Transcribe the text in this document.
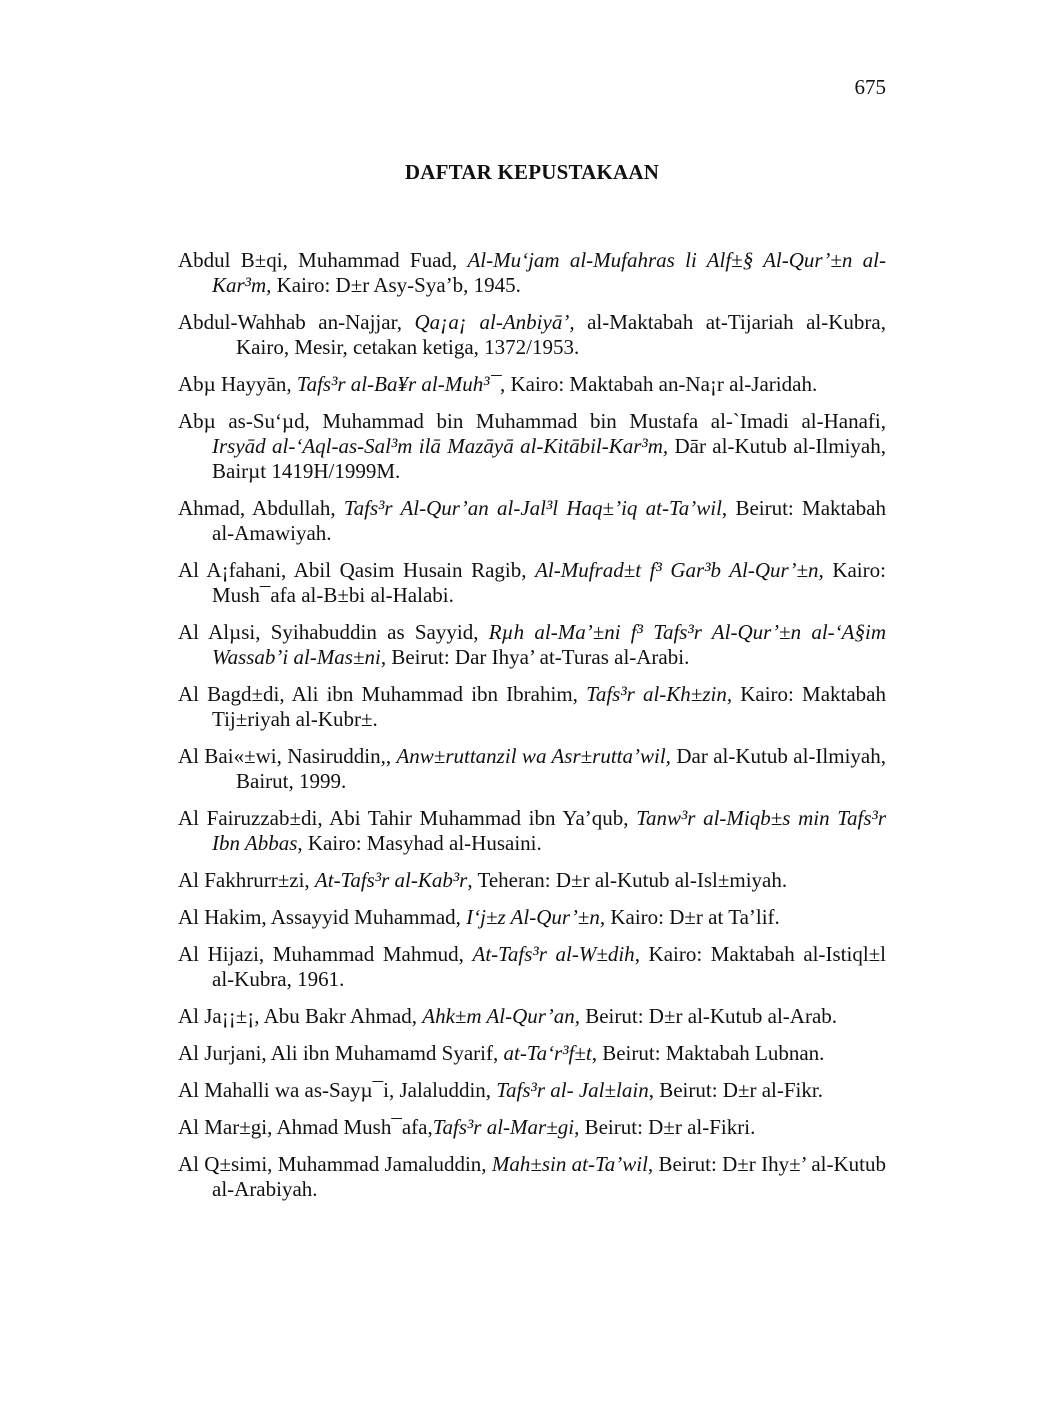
675
DAFTAR KEPUSTAKAAN
Abdul B±qi, Muhammad Fuad, Al-Mu‘jam al-Mufahras li Alf±§ Al-Qur’±n al-Kar³m, Kairo: D±r Asy-Sya’b, 1945.
Abdul-Wahhab an-Najjar, Qa¡a¡ al-Anbiyā’, al-Maktabah at-Tijariah al-Kubra, Kairo, Mesir, cetakan ketiga, 1372/1953.
Abµ Hayyān, Tafs³r al-Ba¥r al-Muh³¯, Kairo: Maktabah an-Na¡r al-Jaridah.
Abµ as-Su‘µd, Muhammad bin Muhammad bin Mustafa al-`Imadi al-Hanafi, Irsyād al-‘Aql-as-Sal³m ilā Mazāyā al-Kitābil-Kar³m, Dār al-Kutub al-Ilmiyah, Bairµt 1419H/1999M.
Ahmad, Abdullah, Tafs³r Al-Qur’an al-Jal³l Haq±’iq at-Ta’wil, Beirut: Maktabah al-Amawiyah.
Al A¡fahani, Abil Qasim Husain Ragib, Al-Mufrad±t f³ Gar³b Al-Qur’±n, Kairo: Mush¯afa al-B±bi al-Halabi.
Al Alµsi, Syihabuddin as Sayyid, Rµh al-Ma’±ni f³ Tafs³r Al-Qur’±n al-‘A§im Wassab’i al-Mas±ni, Beirut: Dar Ihya’ at-Turas al-Arabi.
Al Bagd±di, Ali ibn Muhammad ibn Ibrahim, Tafs³r al-Kh±zin, Kairo: Maktabah Tij±riyah al-Kubr±.
Al Bai«±wi, Nasiruddin,, Anw±ruttanzil wa Asr±rutta’wil, Dar al-Kutub al-Ilmiyah, Bairut, 1999.
Al Fairuzzab±di, Abi Tahir Muhammad ibn Ya’qub, Tanw³r al-Miqb±s min Tafs³r Ibn Abbas, Kairo: Masyhad al-Husaini.
Al Fakhrurr±zi, At-Tafs³r al-Kab³r, Teheran: D±r al-Kutub al-Isl±miyah.
Al Hakim, Assayyid Muhammad, I‘j±z Al-Qur’±n, Kairo: D±r at Ta’lif.
Al Hijazi, Muhammad Mahmud, At-Tafs³r al-W±dih, Kairo: Maktabah al-Istiql±l al-Kubra, 1961.
Al Ja¡¡±¡, Abu Bakr Ahmad, Ahk±m Al-Qur’an, Beirut: D±r al-Kutub al-Arab.
Al Jurjani, Ali ibn Muhamamd Syarif, at-Ta‘r³f±t, Beirut: Maktabah Lubnan.
Al Mahalli wa as-Sayµ¯i, Jalaluddin, Tafs³r al- Jal±lain, Beirut: D±r al-Fikr.
Al Mar±gi, Ahmad Mush¯afa,Tafs³r al-Mar±gi, Beirut: D±r al-Fikri.
Al Q±simi, Muhammad Jamaluddin, Mah±sin at-Ta’wil, Beirut: D±r Ihy±’ al-Kutub al-Arabiyah.
